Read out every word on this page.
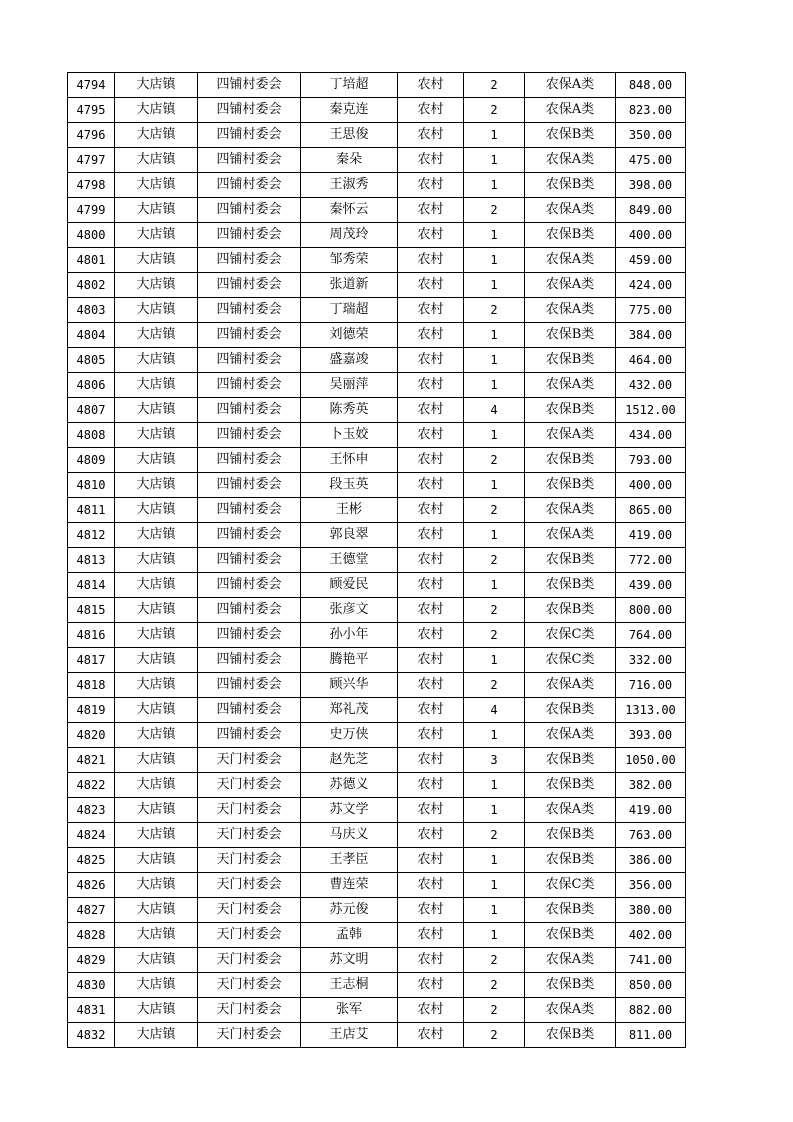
4794	大店镇	四铺村委会	丁培超	农村	2	农保A类	848.00
4795	大店镇	四铺村委会	秦克连	农村	2	农保A类	823.00
4796	大店镇	四铺村委会	王思俊	农村	1	农保B类	350.00
4797	大店镇	四铺村委会	秦朵	农村	1	农保A类	475.00
4798	大店镇	四铺村委会	王淑秀	农村	1	农保B类	398.00
4799	大店镇	四铺村委会	秦怀云	农村	2	农保A类	849.00
4800	大店镇	四铺村委会	周茂玲	农村	1	农保B类	400.00
4801	大店镇	四铺村委会	邹秀荣	农村	1	农保A类	459.00
4802	大店镇	四铺村委会	张道新	农村	1	农保A类	424.00
4803	大店镇	四铺村委会	丁瑞超	农村	2	农保A类	775.00
4804	大店镇	四铺村委会	刘德荣	农村	1	农保B类	384.00
4805	大店镇	四铺村委会	盛嘉竣	农村	1	农保B类	464.00
4806	大店镇	四铺村委会	吴丽萍	农村	1	农保A类	432.00
4807	大店镇	四铺村委会	陈秀英	农村	4	农保B类	1512.00
4808	大店镇	四铺村委会	卜玉姣	农村	1	农保A类	434.00
4809	大店镇	四铺村委会	王怀申	农村	2	农保B类	793.00
4810	大店镇	四铺村委会	段玉英	农村	1	农保B类	400.00
4811	大店镇	四铺村委会	王彬	农村	2	农保A类	865.00
4812	大店镇	四铺村委会	郭良翠	农村	1	农保A类	419.00
4813	大店镇	四铺村委会	王德堂	农村	2	农保B类	772.00
4814	大店镇	四铺村委会	顾爱民	农村	1	农保B类	439.00
4815	大店镇	四铺村委会	张彦文	农村	2	农保B类	800.00
4816	大店镇	四铺村委会	孙小年	农村	2	农保C类	764.00
4817	大店镇	四铺村委会	腾艳平	农村	1	农保C类	332.00
4818	大店镇	四铺村委会	顾兴华	农村	2	农保A类	716.00
4819	大店镇	四铺村委会	郑礼茂	农村	4	农保B类	1313.00
4820	大店镇	四铺村委会	史万侠	农村	1	农保A类	393.00
4821	大店镇	天门村委会	赵先芝	农村	3	农保B类	1050.00
4822	大店镇	天门村委会	苏德义	农村	1	农保B类	382.00
4823	大店镇	天门村委会	苏文学	农村	1	农保A类	419.00
4824	大店镇	天门村委会	马庆义	农村	2	农保B类	763.00
4825	大店镇	天门村委会	王孝臣	农村	1	农保B类	386.00
4826	大店镇	天门村委会	曹连荣	农村	1	农保C类	356.00
4827	大店镇	天门村委会	苏元俊	农村	1	农保B类	380.00
4828	大店镇	天门村委会	孟韩	农村	1	农保B类	402.00
4829	大店镇	天门村委会	苏文明	农村	2	农保A类	741.00
4830	大店镇	天门村委会	王志桐	农村	2	农保B类	850.00
4831	大店镇	天门村委会	张军	农村	2	农保A类	882.00
4832	大店镇	天门村委会	王店艾	农村	2	农保B类	811.00
